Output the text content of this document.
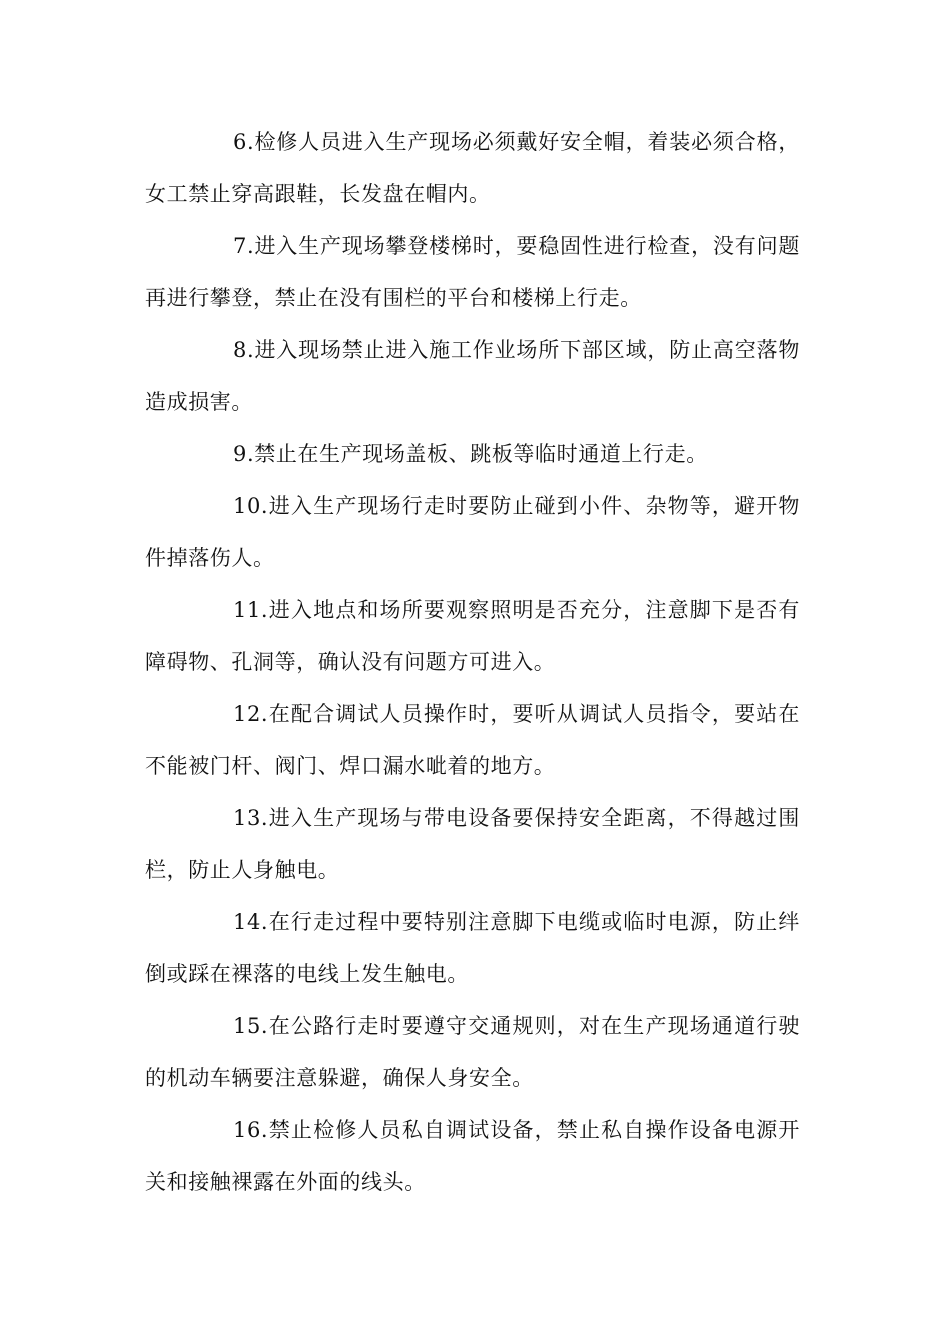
6.检修人员进入生产现场必须戴好安全帽，着装必须合格，女工禁止穿高跟鞋，长发盘在帽内。

7.进入生产现场攀登楼梯时，要稳固性进行检查，没有问题再进行攀登，禁止在没有围栏的平台和楼梯上行走。

8.进入现场禁止进入施工作业场所下部区域，防止高空落物造成损害。

9.禁止在生产现场盖板、跳板等临时通道上行走。

10.进入生产现场行走时要防止碰到小件、杂物等，避开物件掉落伤人。

11.进入地点和场所要观察照明是否充分，注意脚下是否有障碍物、孔洞等，确认没有问题方可进入。

12.在配合调试人员操作时，要听从调试人员指令，要站在不能被门杆、阀门、焊口漏水呲着的地方。

13.进入生产现场与带电设备要保持安全距离，不得越过围栏，防止人身触电。

14.在行走过程中要特别注意脚下电缆或临时电源，防止绊倒或踩在裸落的电线上发生触电。

15.在公路行走时要遵守交通规则，对在生产现场通道行驶的机动车辆要注意躲避，确保人身安全。

16.禁止检修人员私自调试设备，禁止私自操作设备电源开关和接触裸露在外面的线头。
